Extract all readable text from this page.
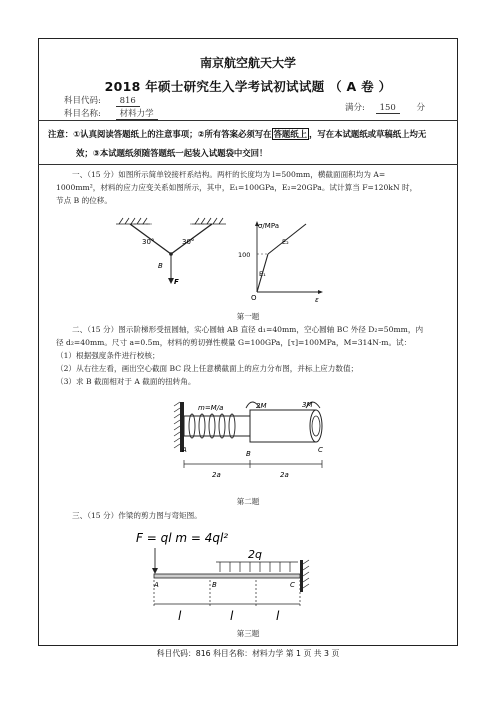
南京航空航天大学
2018 年硕士研究生入学考试初试试题 （ A 卷 ）
科目代码: 816
科目名称: 材料力学
满分: 150 分
注意：①认真阅读答题纸上的注意事项；②所有答案必须写在 答题纸上 ，写在本试题纸或草稿纸上均无
效；③本试题纸须随答题纸一起装入试题袋中交回！
一、（15 分）如图所示简单铰接杆系结构。两杆的长度均为 l=500mm，横截面面积均为 A=
1000mm²，材料的应力应变关系如图所示，其中，E₁=100GPa，E₂=20GPa。试计算当 F=120kN 时，
节点 B 的位移。
30°	30°
B
F
σ/MPa
100
E₁
E₂
O	ε
第一题
二、（15 分）图示阶梯形受扭圆轴，实心圆轴 AB 直径 d₁=40mm，空心圆轴 BC 外径 D₂=50mm，内
径 d₂=40mm。尺寸 a=0.5m，材料的剪切弹性模量 G=100GPa，[τ]=100MPa，M=314N·m。试：
（1）根据强度条件进行校核；
（2）从右往左看，画出空心截面 BC 段上任意横截面上的应力分布图，并标上应力数值；
（3）求 B 截面相对于 A 截面的扭转角。
m=M/a	2M	3M
A	B	C
2a	2a
第二题
三、（15 分）作梁的剪力图与弯矩图。
F = ql m = 4ql²
2q
A	B	C
l	l	l
第三题
科目代码：816 科目名称：材料力学 第 1 页 共 3 页
